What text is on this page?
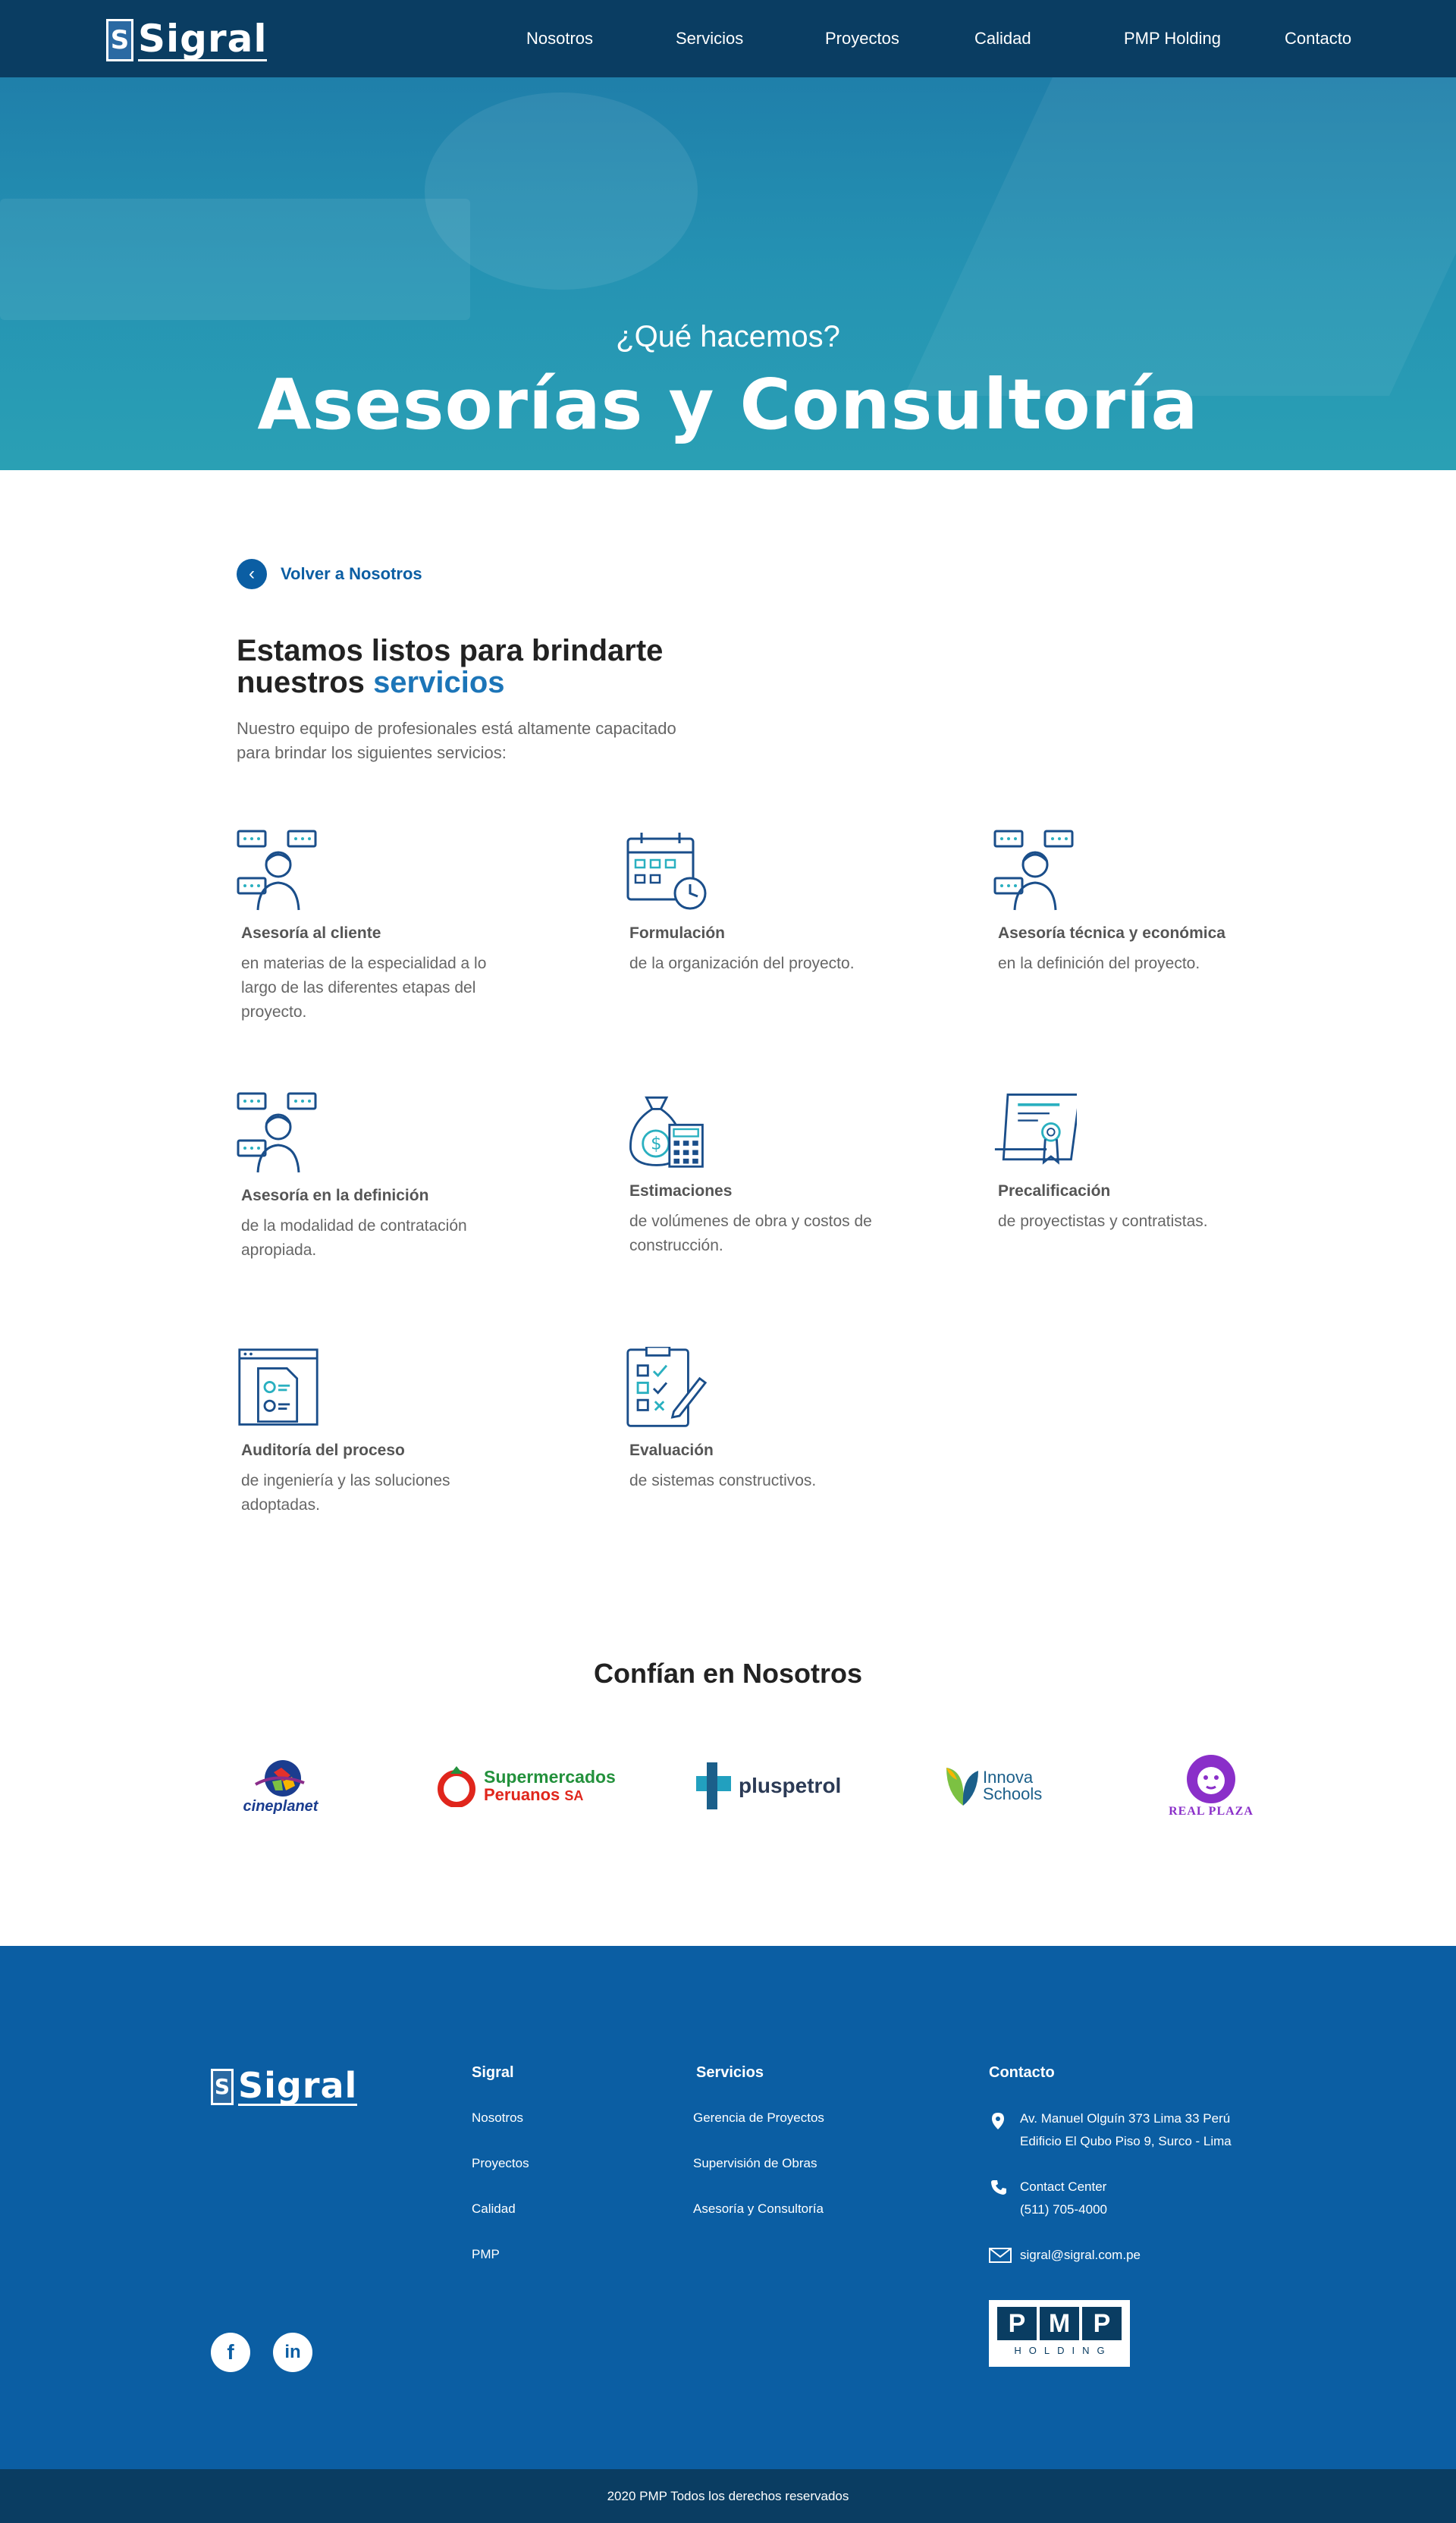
S Sigral	Nosotros	Servicios	Proyectos	Calidad	PMP Holding	Contacto
¿Qué hacemos?
Asesorías y Consultoría
‹	Volver a Nosotros
Estamos listos para brindarte
nuestros servicios
Nuestro equipo de profesionales está altamente capacitado para brindar los siguientes servicios:
Asesoría al cliente
en materias de la especialidad a lo largo de las diferentes etapas del proyecto.
Formulación
de la organización del proyecto.
Asesoría técnica y económica
en la definición del proyecto.
Asesoría en la definición
de la modalidad de contratación apropiada.
$
Estimaciones
de volúmenes de obra y costos de construcción.
Precalificación
de proyectistas y contratistas.
Auditoría del proceso
de ingeniería y las soluciones adoptadas.
Evaluación
de sistemas constructivos.
Confían en Nosotros
cineplanet
Supermercados
Peruanos SA	pluspetrol	Innova
Schools
REAL PLAZA
S Sigral	Sigral
Nosotros
Proyectos
Calidad
PMP
Servicios
Gerencia de Proyectos
Supervisión de Obras
Asesoría y Consultoría
Contacto
Av. Manuel Olguín 373 Lima 33 Perú
Edificio El Qubo Piso 9, Surco - Lima
Contact Center
(511) 705-4000
sigral@sigral.com.pe
P M P
HOLDING
f	in
2020 PMP Todos los derechos reservados
